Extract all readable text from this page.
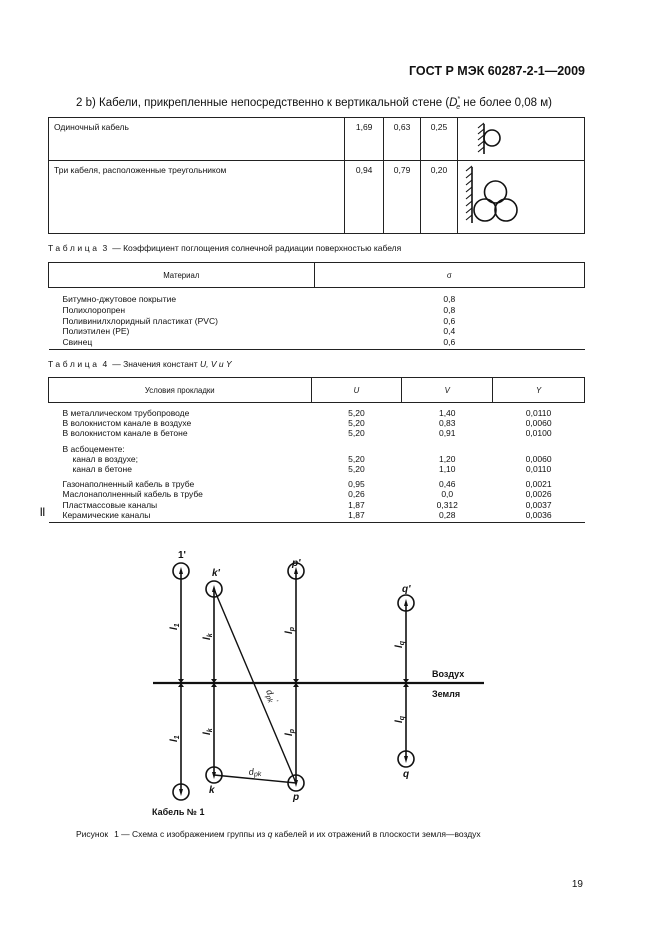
ГОСТ Р МЭК 60287-2-1—2009
2 b) Кабели, прикрепленные непосредственно к вертикальной стене ($D^*_e$ не более 0,08 м)
Одиночный кабель	1,69	0,63	0,25	
Три кабеля, расположенные треугольником	0,94	0,79	0,20	
Таблица 3 — Коэффициент поглощения солнечной радиации поверхностью кабеля
Материал	σ
Битумно-джутовое покрытие	0,8
Полихлоропрен	0,8
Поливинилхлоридный пластикат (PVC)	0,6
Полиэтилен (PE)	0,4
Свинец	0,6
Таблица 4 — Значения констант U, V и Y
||
Условия прокладки	U	V	Y
В металлическом трубопроводе	5,20	1,40	0,0110
В волокнистом канале в воздухе	5,20	0,83	0,0060
В волокнистом канале в бетоне	5,20	0,91	0,0100
В асбоцементе:			
канал в воздухе;	5,20	1,20	0,0060
канал в бетоне	5,20	1,10	0,0110
Газонаполненный кабель в трубе	0,95	0,46	0,0021
Маслонаполненный кабель в трубе	0,26	0,0	0,0026
Пластмассовые каналы	1,87	0,312	0,0037
Керамические каналы	1,87	0,28	0,0036
1'
k'
p'
q'
k
p
q
Воздух
Земля
Кабель № 1
$d_{pk}$
$d_{pk}'$
$l_1$
$l_1$
$l_k$
$l_k$
$l_p$
$l_p$
$l_q$
$l_q$
Рисунок 1 — Схема с изображением группы из q кабелей и их отражений в плоскости земля—воздух
19
